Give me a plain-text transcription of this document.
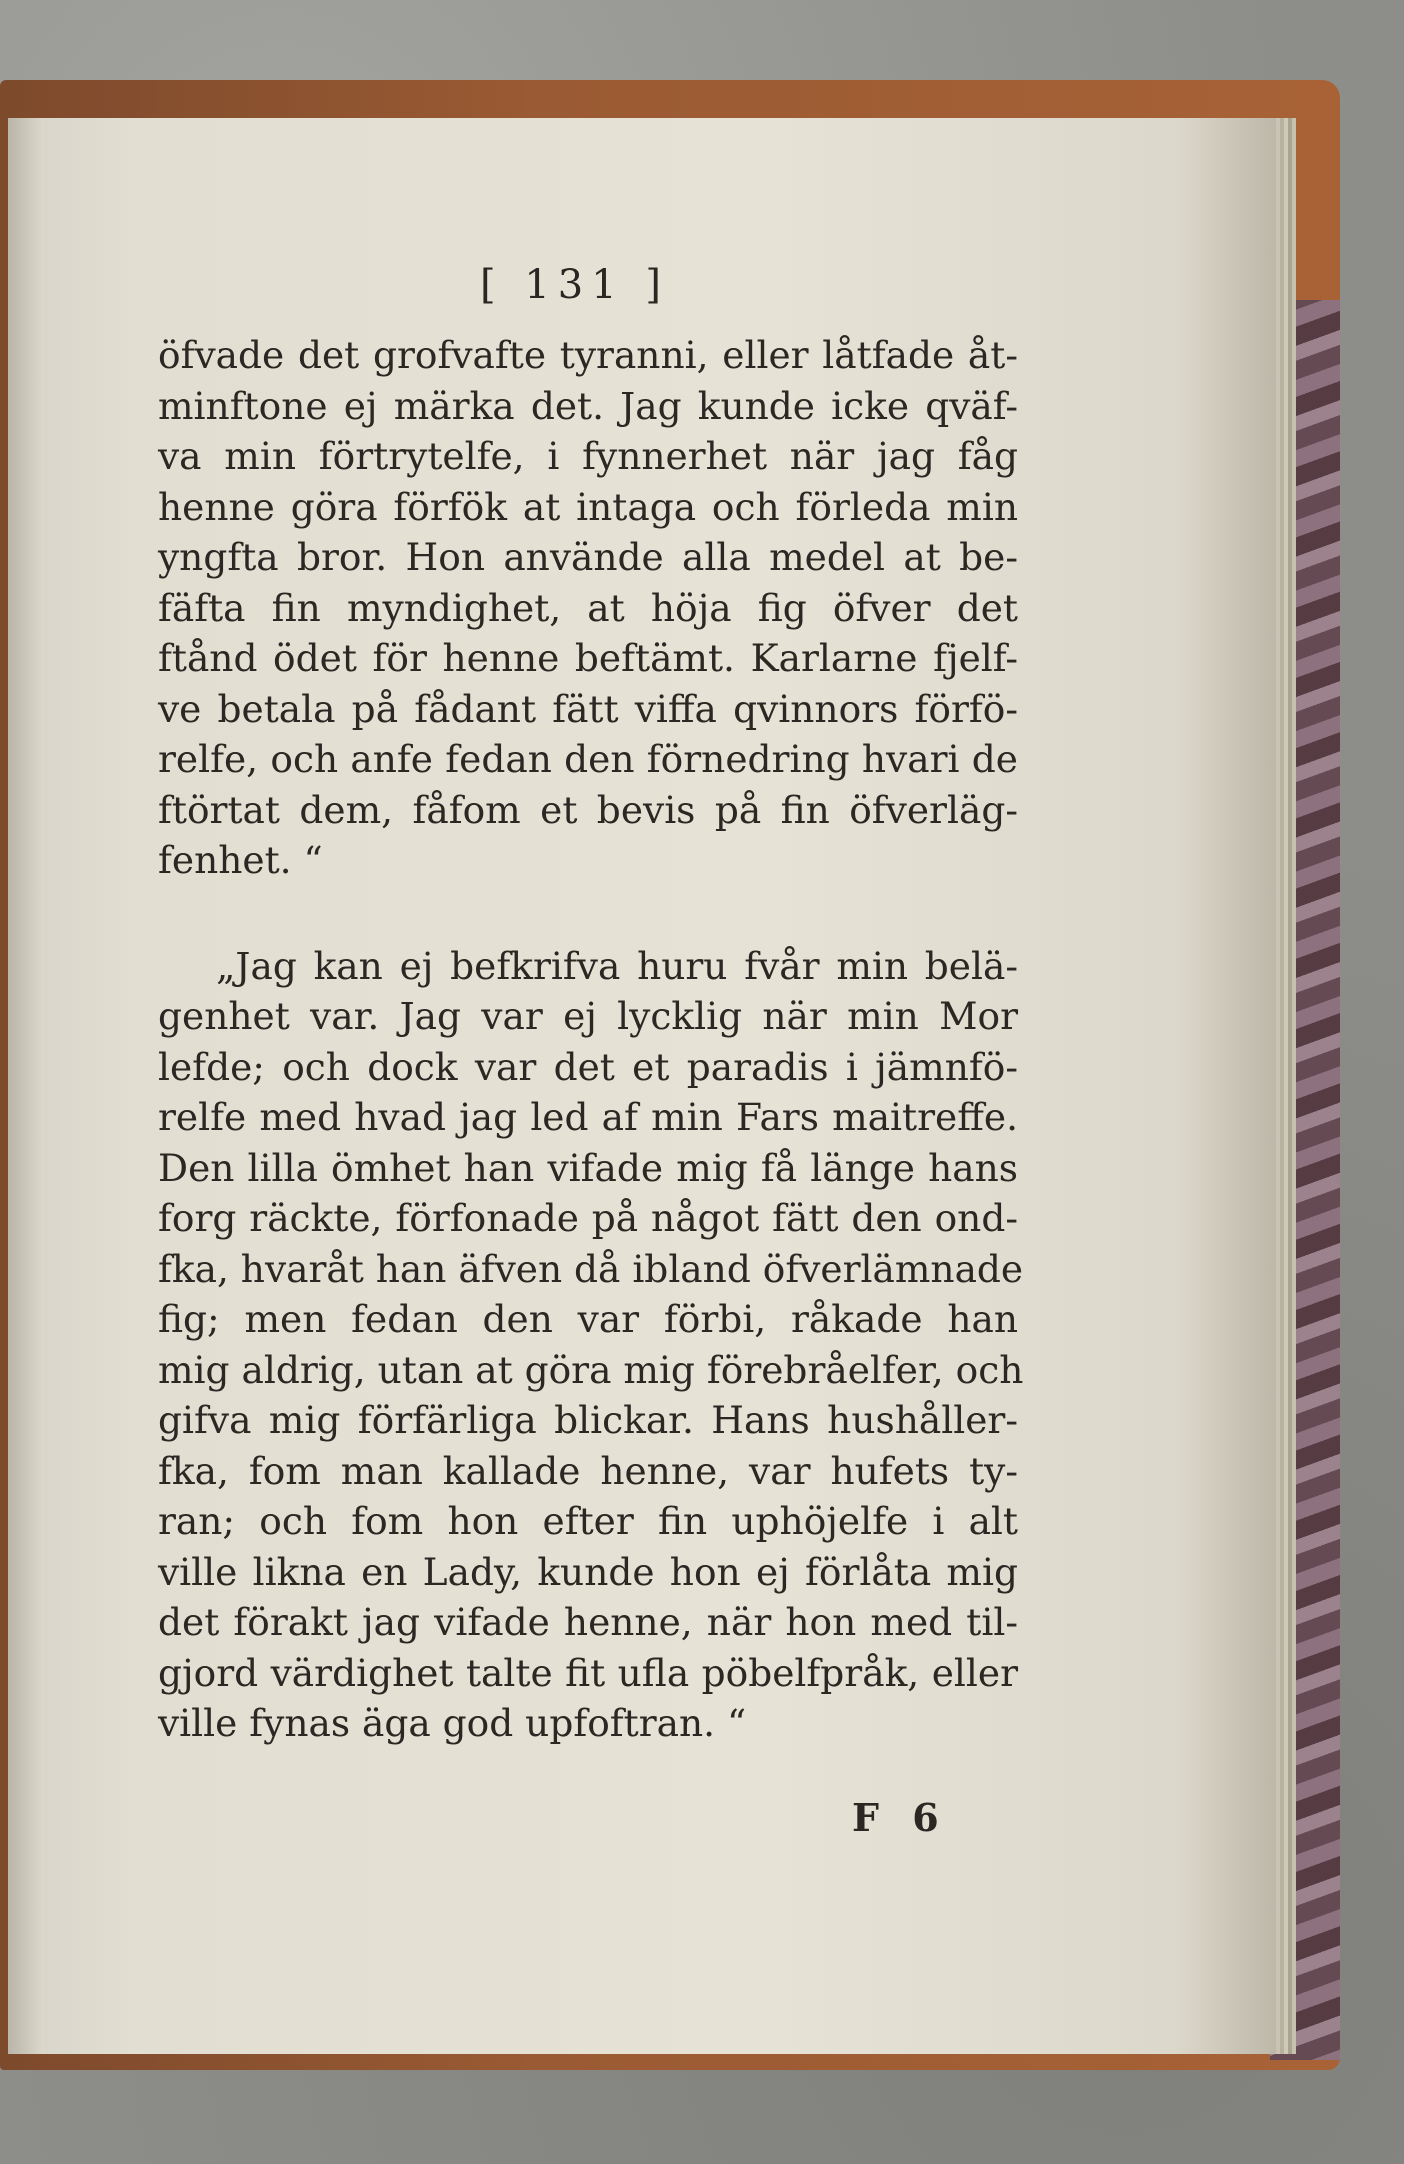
[ 131 ]
öfvade det grofvafte tyranni, eller låtfade åt-
minftone ej märka det. Jag kunde icke qväf-
va min förtrytelfe, i fynnerhet när jag fåg
henne göra förfök at intaga och förleda min
yngfta bror. Hon använde alla medel at be-
fäfta fin myndighet, at höja fig öfver det
ftånd ödet för henne beftämt. Karlarne fjelf-
ve betala på fådant fätt viffa qvinnors förfö-
relfe, och anfe fedan den förnedring hvari de
ftörtat dem, fåfom et bevis på fin öfverläg-
fenhet. “
„Jag kan ej befkrifva huru fvår min belä-
genhet var. Jag var ej lycklig när min Mor
lefde; och dock var det et paradis i jämnfö-
relfe med hvad jag led af min Fars maitreffe.
Den lilla ömhet han vifade mig få länge hans
forg räckte, förfonade på något fätt den ond-
fka, hvaråt han äfven då ibland öfverlämnade
fig; men fedan den var förbi, råkade han
mig aldrig, utan at göra mig förebråelfer, och
gifva mig förfärliga blickar. Hans hushåller-
fka, fom man kallade henne, var hufets ty-
ran; och fom hon efter fin uphöjelfe i alt
ville likna en Lady, kunde hon ej förlåta mig
det förakt jag vifade henne, när hon med til-
gjord värdighet talte fit ufla pöbelfpråk, eller
ville fynas äga god upfoftran. “
F 6
